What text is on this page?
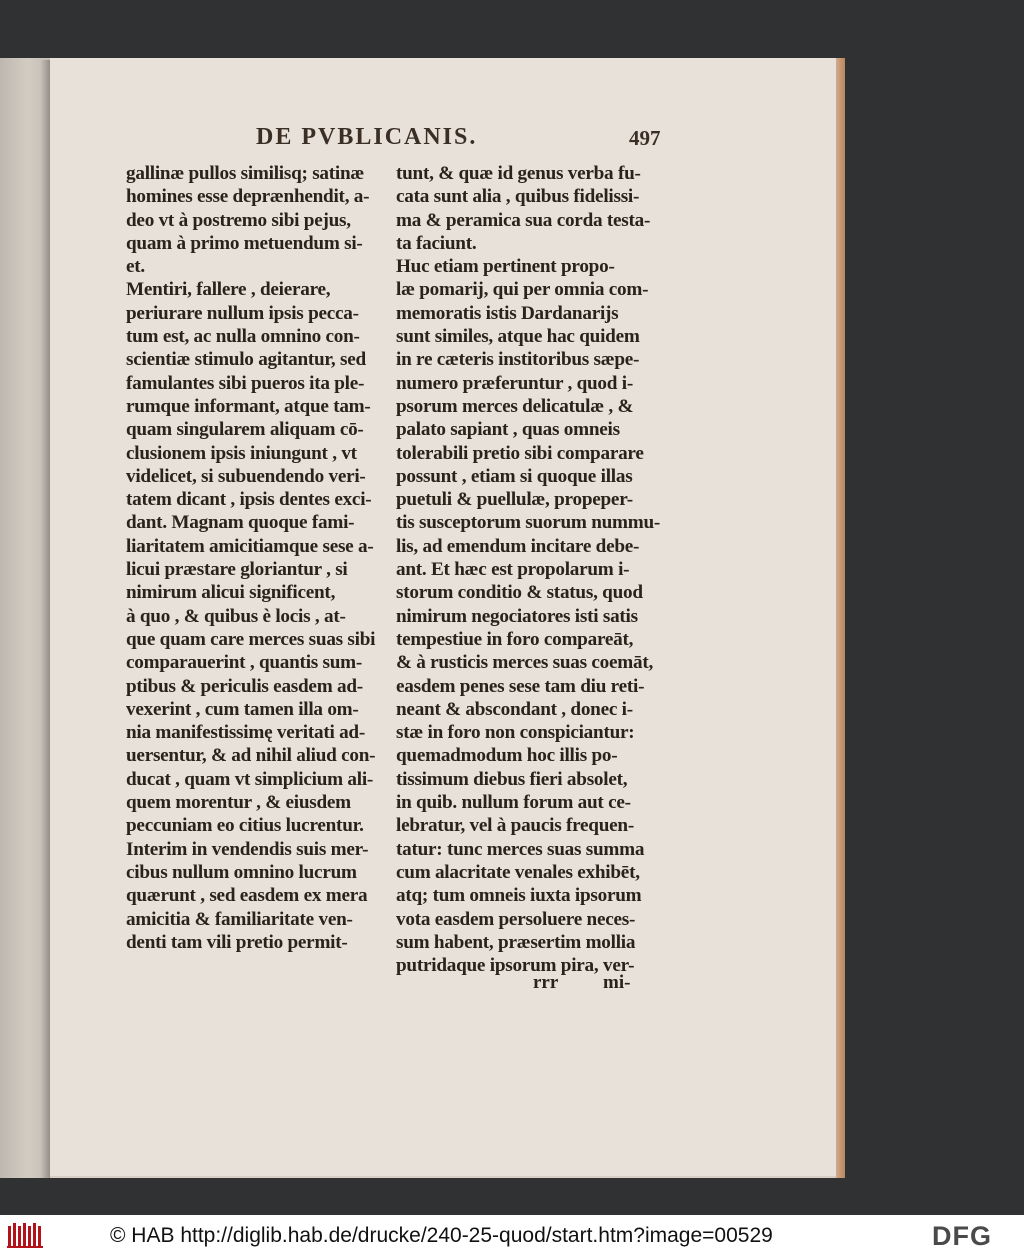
DE PVBLICANIS.	497
gallinæ pullos similisq; satinæ
homines esse deprænhendit, a-
deo vt à postremo sibi pejus,
quam à primo metuendum si-
et.
Mentiri, fallere , deierare,
periurare nullum ipsis pecca-
tum est, ac nulla omnino con-
scientiæ stimulo agitantur, sed
famulantes sibi pueros ita ple-
rumque informant, atque tam-
quam singularem aliquam cō-
clusionem ipsis iniungunt , vt
videlicet, si subuendendo veri-
tatem dicant , ipsis dentes exci-
dant. Magnam quoque fami-
liaritatem amicitiamque sese a-
licui præstare gloriantur , si
nimirum alicui significent,
à quo , & quibus è locis , at-
que quam care merces suas sibi
comparauerint , quantis sum-
ptibus & periculis easdem ad-
vexerint , cum tamen illa om-
nia manifestissimę veritati ad-
uersentur, & ad nihil aliud con-
ducat , quam vt simplicium ali-
quem morentur , & eiusdem
peccuniam eo citius lucrentur.
Interim in vendendis suis mer-
cibus nullum omnino lucrum
quærunt , sed easdem ex mera
amicitia & familiaritate ven-
denti tam vili pretio permit-
tunt, & quæ id genus verba fu-
cata sunt alia , quibus fidelissi-
ma & peramica sua corda testa-
ta faciunt.
Huc etiam pertinent propo-
læ pomarij, qui per omnia com-
memoratis istis Dardanarijs
sunt similes, atque hac quidem
in re cæteris institoribus sæpe-
numero præferuntur , quod i-
psorum merces delicatulæ , &
palato sapiant , quas omneis
tolerabili pretio sibi comparare
possunt , etiam si quoque illas
puetuli & puellulæ, propeper-
tis susceptorum suorum nummu-
lis, ad emendum incitare debe-
ant. Et hæc est propolarum i-
storum conditio & status, quod
nimirum negociatores isti satis
tempestiue in foro compareāt,
& à rusticis merces suas coemāt,
easdem penes sese tam diu reti-
neant & abscondant , donec i-
stæ in foro non conspiciantur:
quemadmodum hoc illis po-
tissimum diebus fieri absolet,
in quib. nullum forum aut ce-
lebratur, vel à paucis frequen-
tatur: tunc merces suas summa
cum alacritate venales exhibēt,
atq; tum omneis iuxta ipsorum
vota easdem persoluere neces-
sum habent, præsertim mollia
putridaque ipsorum pira, ver-
rrr mi-
© HAB http://diglib.hab.de/drucke/240-25-quod/start.htm?image=00529	DFG
